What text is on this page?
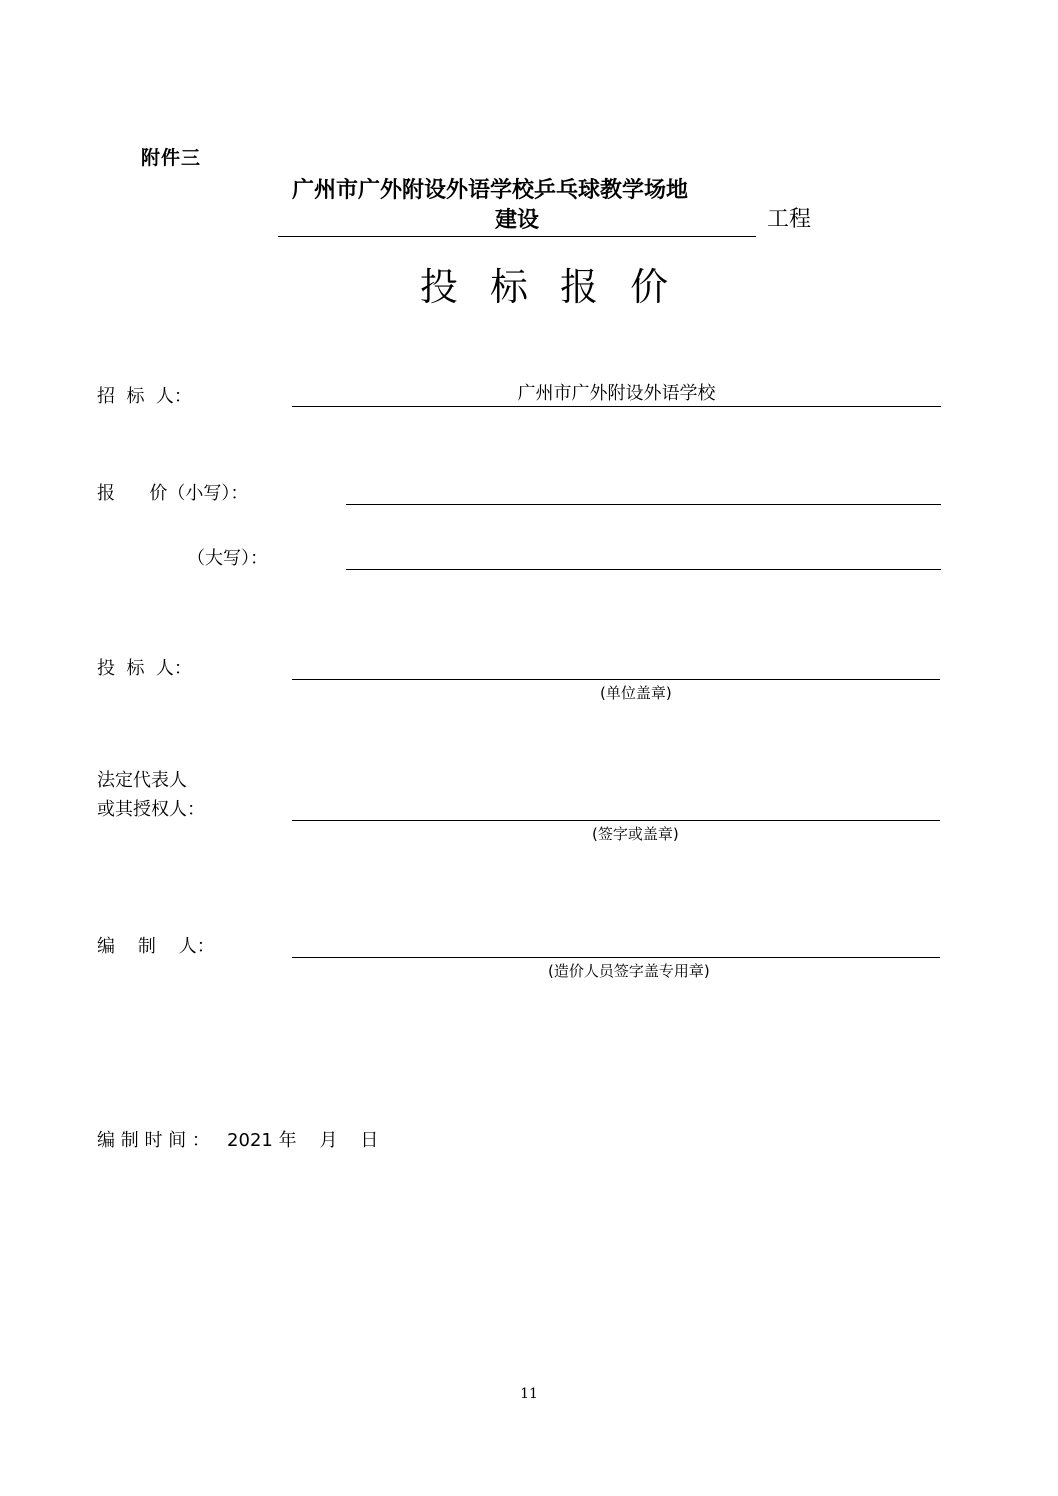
附件三
广州市广外附设外语学校乒乓球教学场地
建设	工程
投 标 报 价
招  标  人：	广州市广外附设外语学校
报      价（小写）：
（大写）：
投  标  人：
(单位盖章)
法定代表人
或其授权人：
(签字或盖章)
编    制    人：
(造价人员签字盖专用章)
编 制 时 间 ：   2021 年    月    日
11
